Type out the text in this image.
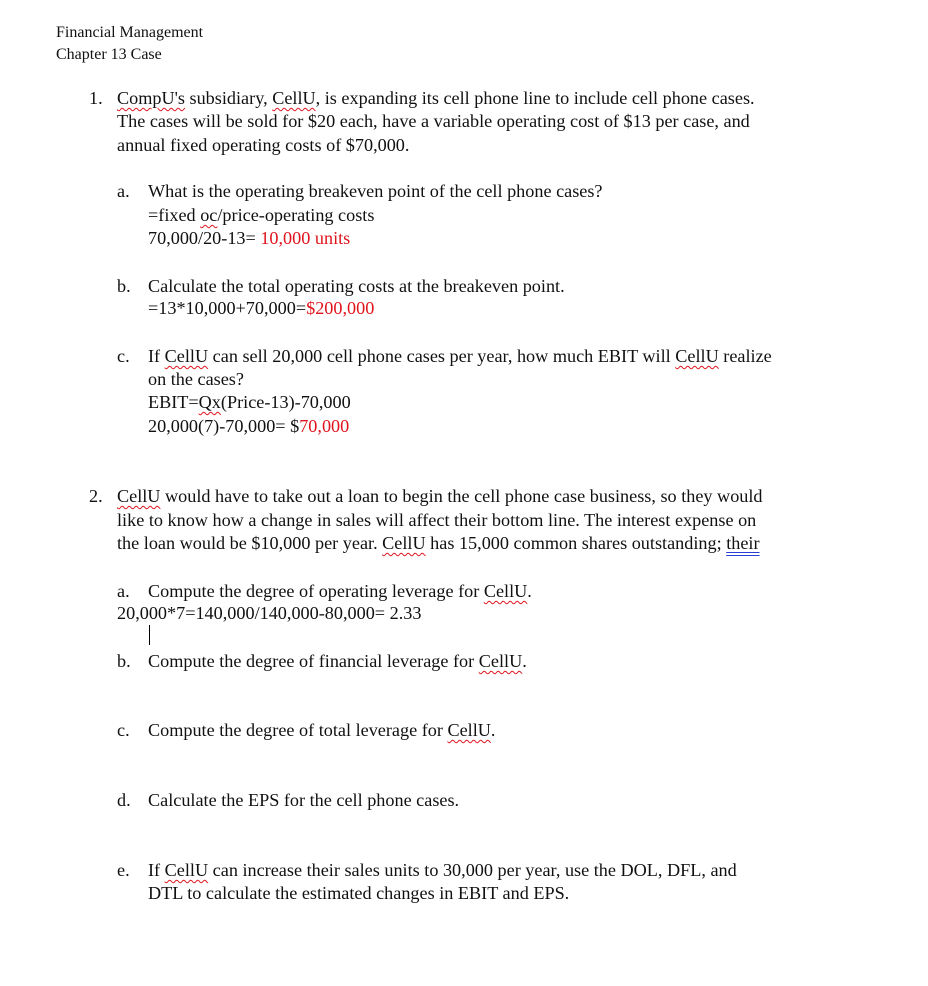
Financial Management
Chapter 13 Case
1. CompU's subsidiary, CellU, is expanding its cell phone line to include cell phone cases.
The cases will be sold for $20 each, have a variable operating cost of $13 per case, and
annual fixed operating costs of $70,000.
a. What is the operating breakeven point of the cell phone cases?
=fixed oc/price-operating costs
70,000/20-13= 10,000 units
b. Calculate the total operating costs at the breakeven point.
=13*10,000+70,000=$200,000
c. If CellU can sell 20,000 cell phone cases per year, how much EBIT will CellU realize
on the cases?
EBIT=Qx(Price-13)-70,000
20,000(7)-70,000= $70,000
2. CellU would have to take out a loan to begin the cell phone case business, so they would
like to know how a change in sales will affect their bottom line. The interest expense on
the loan would be $10,000 per year. CellU has 15,000 common shares outstanding; their
a. Compute the degree of operating leverage for CellU.
20,000*7=140,000/140,000-80,000= 2.33
b. Compute the degree of financial leverage for CellU.
c. Compute the degree of total leverage for CellU.
d. Calculate the EPS for the cell phone cases.
e. If CellU can increase their sales units to 30,000 per year, use the DOL, DFL, and
DTL to calculate the estimated changes in EBIT and EPS.
